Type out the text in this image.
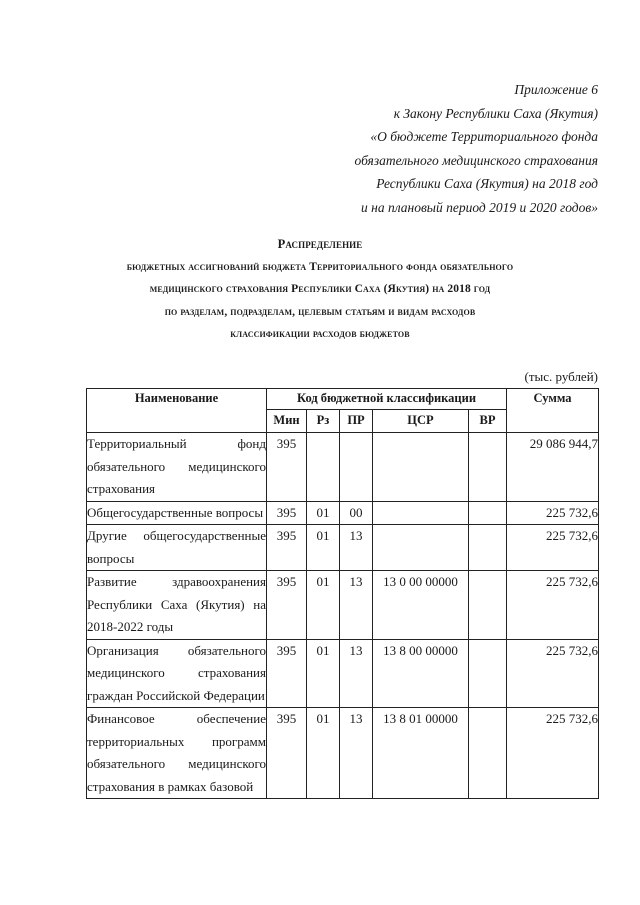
Приложение 6
к Закону Республики Саха (Якутия)
«О бюджете Территориального фонда
обязательного медицинского страхования
Республики Саха (Якутия) на 2018 год
и на плановый период 2019 и 2020 годов»
Распределение
бюджетных ассигнований бюджета Территориального фонда обязательного
медицинского страхования Республики Саха (Якутия) на 2018 год
по разделам, подразделам, целевым статьям и видам расходов
классификации расходов бюджетов
(тыс. рублей)
Наименование	Код бюджетной классификации					Сумма
	Мин	Рз	ПР	ЦСР	ВР	
Территориальный фонд обязательного медицинского страхования	395					29 086 944,7
Общегосударственные вопросы	395	01	00			225 732,6
Другие общегосударственные вопросы	395	01	13			225 732,6
Развитие здравоохранения Республики Саха (Якутия) на 2018-2022 годы	395	01	13	13 0 00 00000		225 732,6
Организация обязательного медицинского страхования граждан Российской Федерации	395	01	13	13 8 00 00000		225 732,6
Финансовое обеспечение территориальных программ обязательного медицинского страхования в рамках базовой	395	01	13	13 8 01 00000		225 732,6
